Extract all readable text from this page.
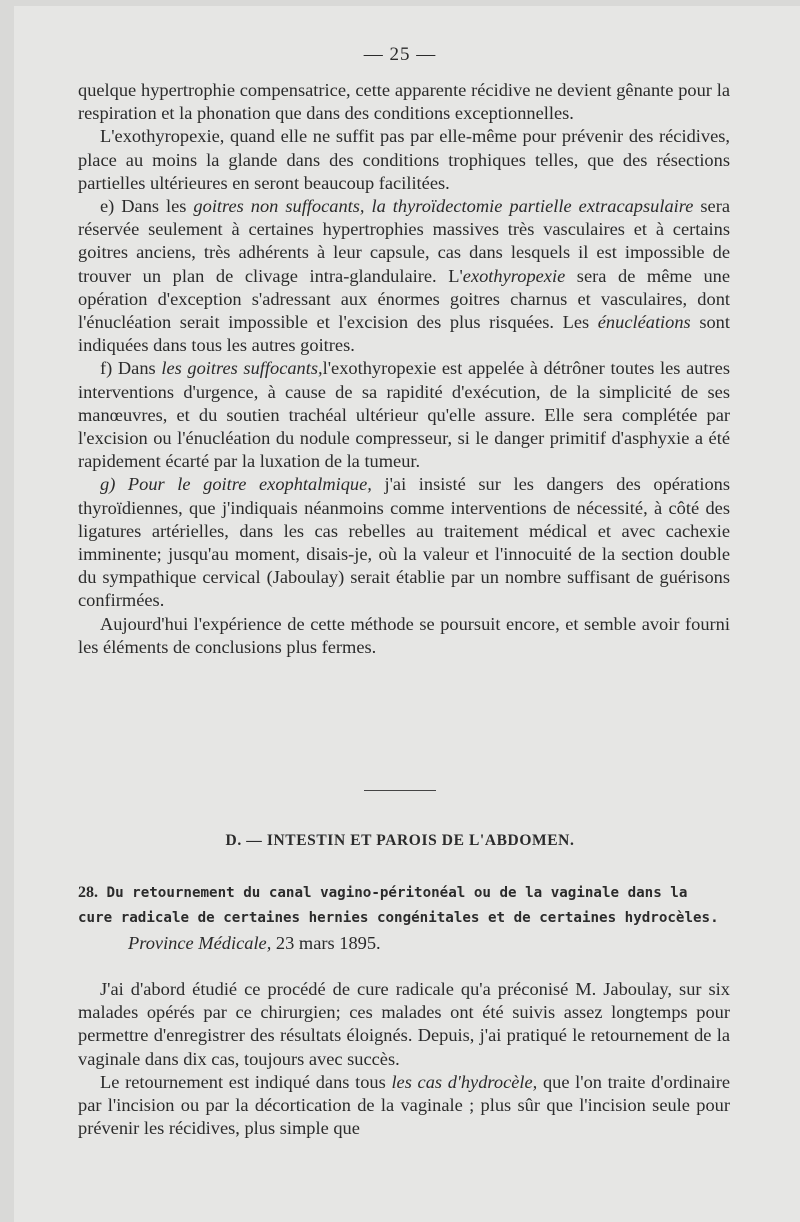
— 25 —

quelque hypertrophie compensatrice, cette apparente récidive ne devient gênante pour la respiration et la phonation que dans des conditions exceptionnelles.

L'exothyropexie, quand elle ne suffit pas par elle-même pour prévenir des récidives, place au moins la glande dans des conditions trophiques telles, que des résections partielles ultérieures en seront beaucoup facilitées.

e) Dans les goitres non suffocants, la thyroïdectomie partielle extracapsulaire sera réservée seulement à certaines hypertrophies massives très vasculaires et à certains goitres anciens, très adhérents à leur capsule, cas dans lesquels il est impossible de trouver un plan de clivage intra-glandulaire. L'exothyropexie sera de même une opération d'exception s'adressant aux énormes goitres charnus et vasculaires, dont l'énucléation serait impossible et l'excision des plus risquées. Les énucléations sont indiquées dans tous les autres goitres.

f) Dans les goitres suffocants,l'exothyropexie est appelée à détrôner toutes les autres interventions d'urgence, à cause de sa rapidité d'exécution, de la simplicité de ses manœuvres, et du soutien trachéal ultérieur qu'elle assure. Elle sera complétée par l'excision ou l'énucléation du nodule compresseur, si le danger primitif d'asphyxie a été rapidement écarté par la luxation de la tumeur.

g) Pour le goitre exophtalmique, j'ai insisté sur les dangers des opérations thyroïdiennes, que j'indiquais néanmoins comme interventions de nécessité, à côté des ligatures artérielles, dans les cas rebelles au traitement médical et avec cachexie imminente; jusqu'au moment, disais-je, où la valeur et l'innocuité de la section double du sympathique cervical (Jaboulay) serait établie par un nombre suffisant de guérisons confirmées.

Aujourd'hui l'expérience de cette méthode se poursuit encore, et semble avoir fourni les éléments de conclusions plus fermes.

D. — INTESTIN ET PAROIS DE L'ABDOMEN.
28. Du retournement du canal vagino-péritonéal ou de la vaginale dans la cure radicale de certaines hernies congénitales et de certaines hydrocèles.
Province Médicale, 23 mars 1895.

J'ai d'abord étudié ce procédé de cure radicale qu'a préconisé M. Jaboulay, sur six malades opérés par ce chirurgien; ces malades ont été suivis assez longtemps pour permettre d'enregistrer des résultats éloignés. Depuis, j'ai pratiqué le retournement de la vaginale dans dix cas, toujours avec succès.

Le retournement est indiqué dans tous les cas d'hydrocèle, que l'on traite d'ordinaire par l'incision ou par la décortication de la vaginale ; plus sûr que l'incision seule pour prévenir les récidives, plus simple que
